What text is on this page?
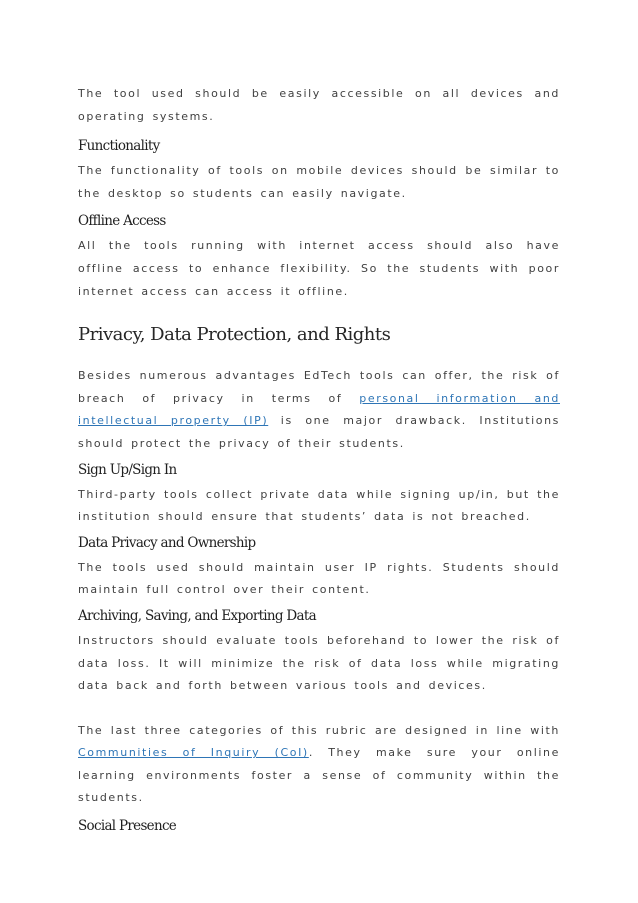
The tool used should be easily accessible on all devices and operating systems.

Functionality

The functionality of tools on mobile devices should be similar to the desktop so students can easily navigate.

Offline Access

All the tools running with internet access should also have offline access to enhance flexibility. So the students with poor internet access can access it offline.

Privacy, Data Protection, and Rights

Besides numerous advantages EdTech tools can offer, the risk of breach of privacy in terms of personal information and intellectual property (IP) is one major drawback. Institutions should protect the privacy of their students.

Sign Up/Sign In

Third-party tools collect private data while signing up/in, but the institution should ensure that students’ data is not breached.

Data Privacy and Ownership

The tools used should maintain user IP rights. Students should maintain full control over their content.

Archiving, Saving, and Exporting Data

Instructors should evaluate tools beforehand to lower the risk of data loss. It will minimize the risk of data loss while migrating data back and forth between various tools and devices.

The last three categories of this rubric are designed in line with Communities of Inquiry (CoI). They make sure your online learning environments foster a sense of community within the students.

Social Presence
